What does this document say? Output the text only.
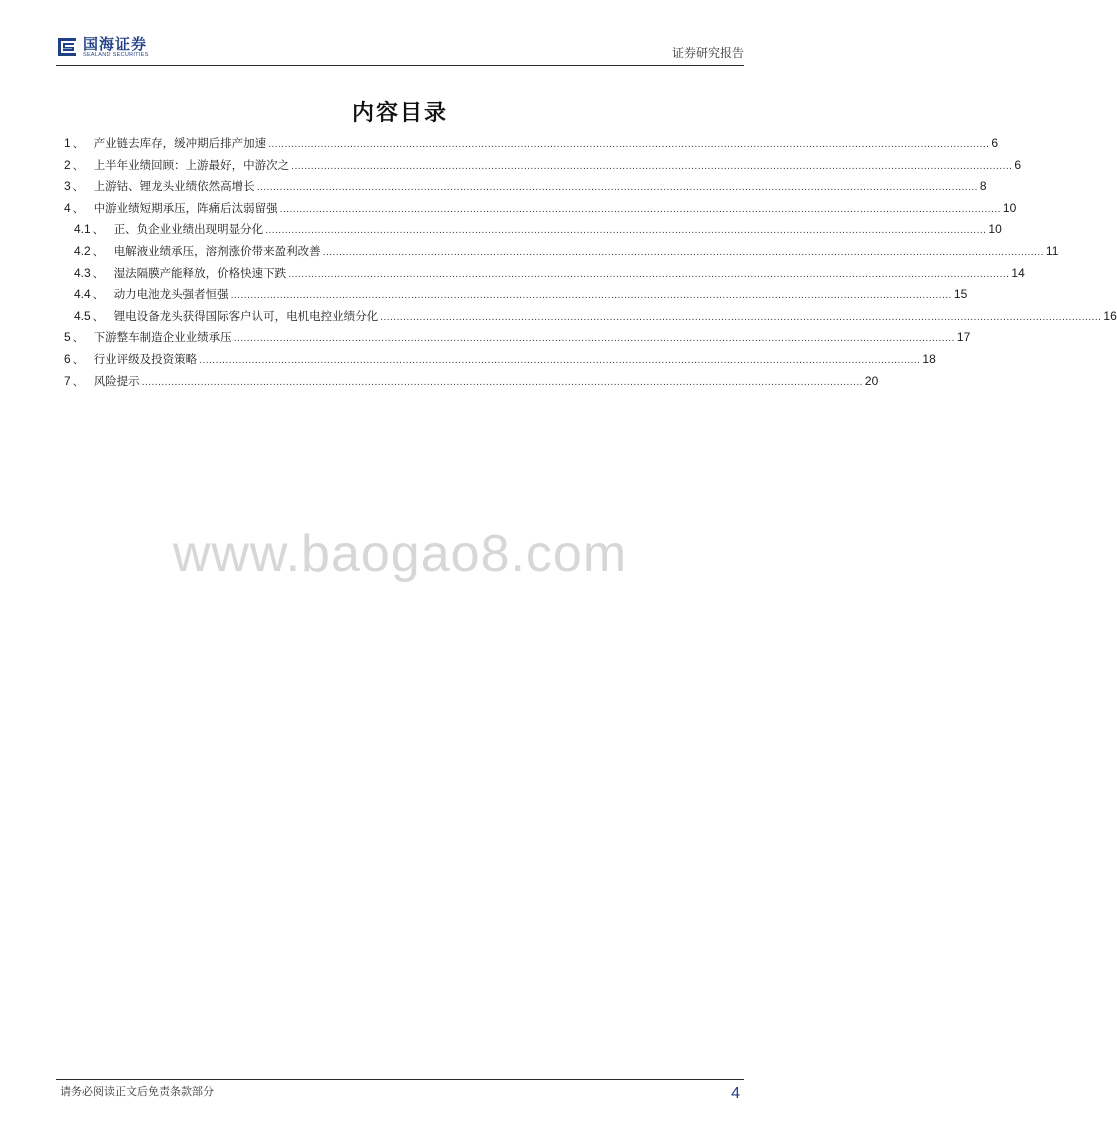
国海证券
SEALAND SECURITIES	证券研究报告
内容目录
1 、 产业链去库存，缓冲期后排产加速 ............................................................................................................................................................................................................................ 6
2 、 上半年业绩回顾：上游最好，中游次之 ............................................................................................................................................................................................................................ 6
3 、 上游钴、锂龙头业绩依然高增长 ............................................................................................................................................................................................................................ 8
4 、 中游业绩短期承压，阵痛后汰弱留强 ............................................................................................................................................................................................................................ 10
4.1 、 正、负企业业绩出现明显分化 ............................................................................................................................................................................................................................ 10
4.2 、 电解液业绩承压，溶剂涨价带来盈利改善 ............................................................................................................................................................................................................................ 11
4.3 、 湿法隔膜产能释放，价格快速下跌 ............................................................................................................................................................................................................................ 14
4.4 、 动力电池龙头强者恒强 ............................................................................................................................................................................................................................ 15
4.5 、 锂电设备龙头获得国际客户认可，电机电控业绩分化 ............................................................................................................................................................................................................................ 16
5 、 下游整车制造企业业绩承压 ............................................................................................................................................................................................................................ 17
6 、 行业评级及投资策略 ............................................................................................................................................................................................................................ 18
7 、 风险提示 ............................................................................................................................................................................................................................ 20
www.baogao8.com
请务必阅读正文后免责条款部分	4
